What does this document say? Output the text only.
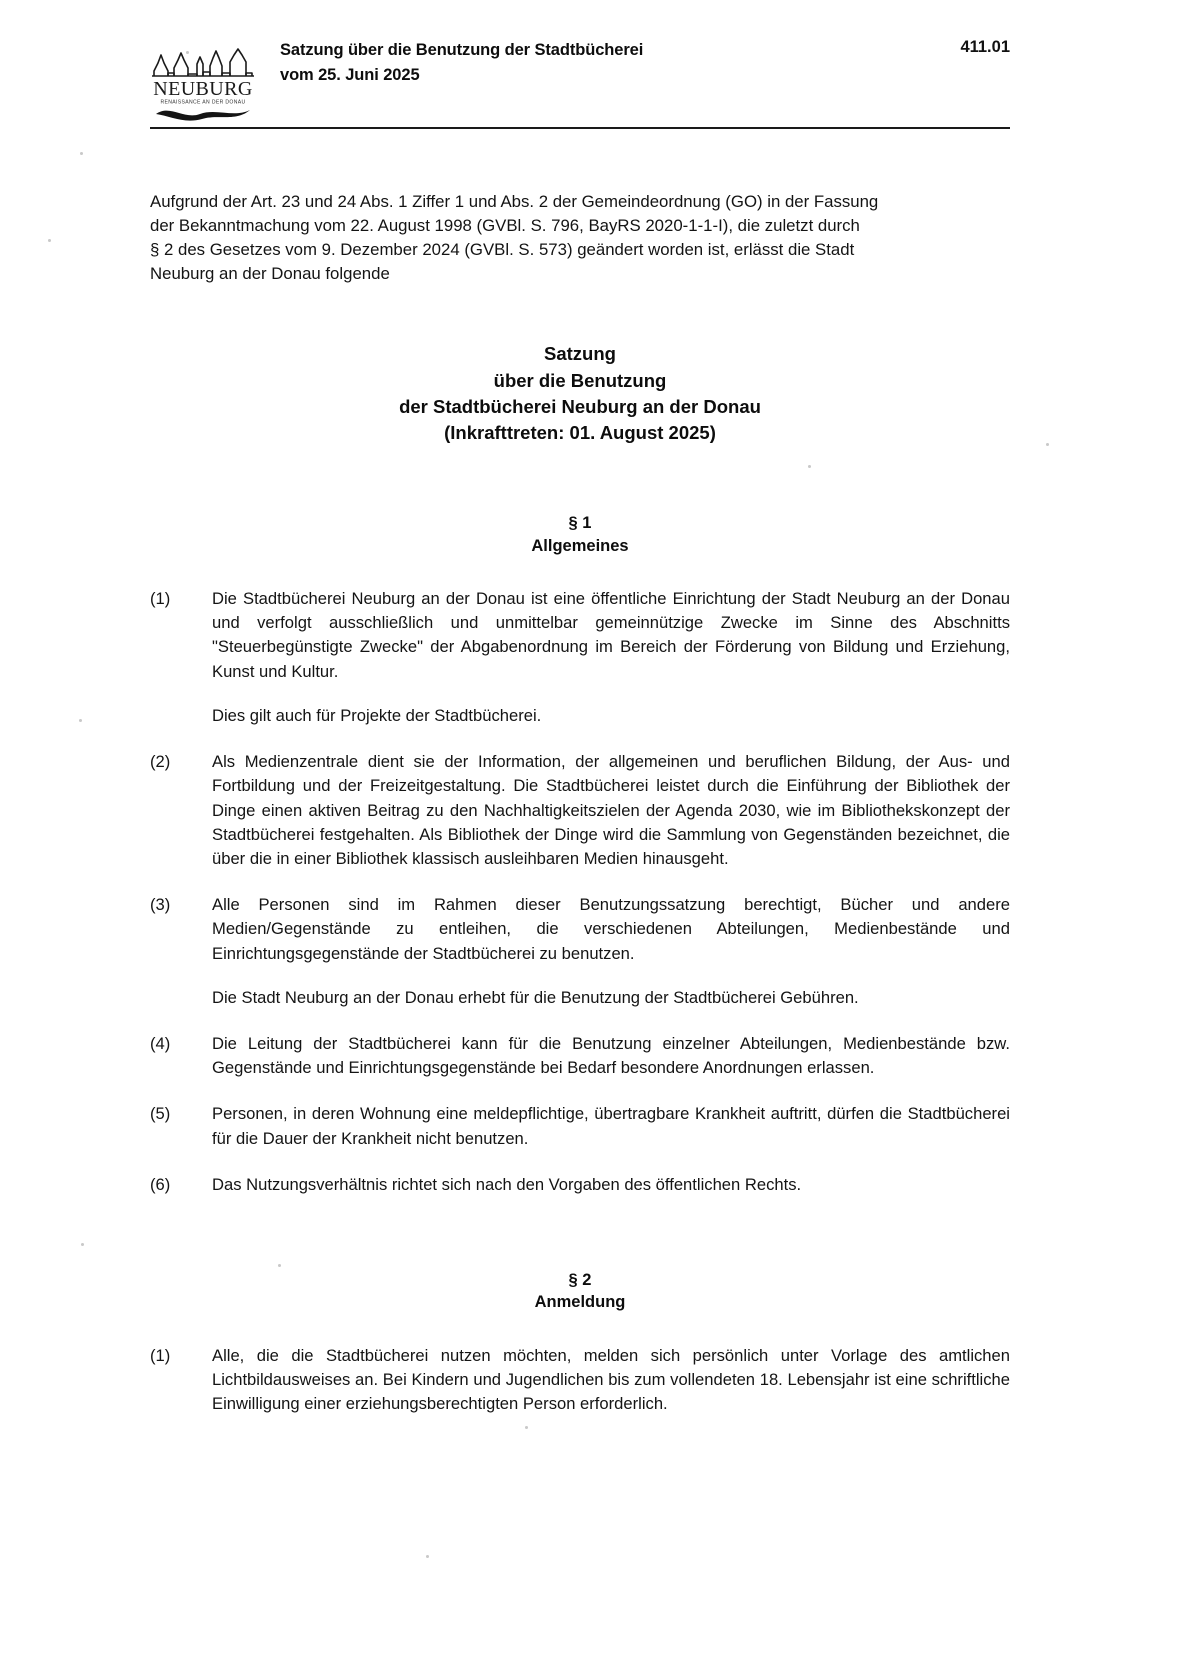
NEUBURG
RENAISSANCE AN DER DONAU
Satzung über die Benutzung der Stadtbücherei
vom 25. Juni 2025
411.01
Aufgrund der Art. 23 und 24 Abs. 1 Ziffer 1 und Abs. 2 der Gemeindeordnung (GO) in der Fassung
der Bekanntmachung vom 22. August 1998 (GVBl. S. 796, BayRS 2020-1-1-I), die zuletzt durch
§ 2 des Gesetzes vom 9. Dezember 2024 (GVBl. S. 573) geändert worden ist, erlässt die Stadt
Neuburg an der Donau folgende
Satzung
über die Benutzung
der Stadtbücherei Neuburg an der Donau
(Inkrafttreten: 01. August 2025)
§ 1
Allgemeines
(1)	Die Stadtbücherei Neuburg an der Donau ist eine öffentliche Einrichtung der Stadt Neuburg an der Donau und verfolgt ausschließlich und unmittelbar gemeinnützige Zwecke im Sinne des Abschnitts "Steuerbegünstigte Zwecke" der Abgabenordnung im Bereich der Förderung von Bildung und Erziehung, Kunst und Kultur.
Dies gilt auch für Projekte der Stadtbücherei.
(2)	Als Medienzentrale dient sie der Information, der allgemeinen und beruflichen Bildung, der Aus- und Fortbildung und der Freizeitgestaltung. Die Stadtbücherei leistet durch die Einführung der Bibliothek der Dinge einen aktiven Beitrag zu den Nachhaltigkeitszielen der Agenda 2030, wie im Bibliothekskonzept der Stadtbücherei festgehalten. Als Bibliothek der Dinge wird die Sammlung von Gegenständen bezeichnet, die über die in einer Bibliothek klassisch ausleihbaren Medien hinausgeht.
(3)	Alle Personen sind im Rahmen dieser Benutzungssatzung berechtigt, Bücher und andere Medien/Gegenstände zu entleihen, die verschiedenen Abteilungen, Medienbestände und Einrichtungsgegenstände der Stadtbücherei zu benutzen.
Die Stadt Neuburg an der Donau erhebt für die Benutzung der Stadtbücherei Gebühren.
(4)	Die Leitung der Stadtbücherei kann für die Benutzung einzelner Abteilungen, Medienbestände bzw. Gegenstände und Einrichtungsgegenstände bei Bedarf besondere Anordnungen erlassen.
(5)	Personen, in deren Wohnung eine meldepflichtige, übertragbare Krankheit auftritt, dürfen die Stadtbücherei für die Dauer der Krankheit nicht benutzen.
(6)	Das Nutzungsverhältnis richtet sich nach den Vorgaben des öffentlichen Rechts.
§ 2
Anmeldung
(1)	Alle, die die Stadtbücherei nutzen möchten, melden sich persönlich unter Vorlage des amtlichen Lichtbildausweises an. Bei Kindern und Jugendlichen bis zum vollendeten 18. Lebensjahr ist eine schriftliche Einwilligung einer erziehungsberechtigten Person erforderlich.
